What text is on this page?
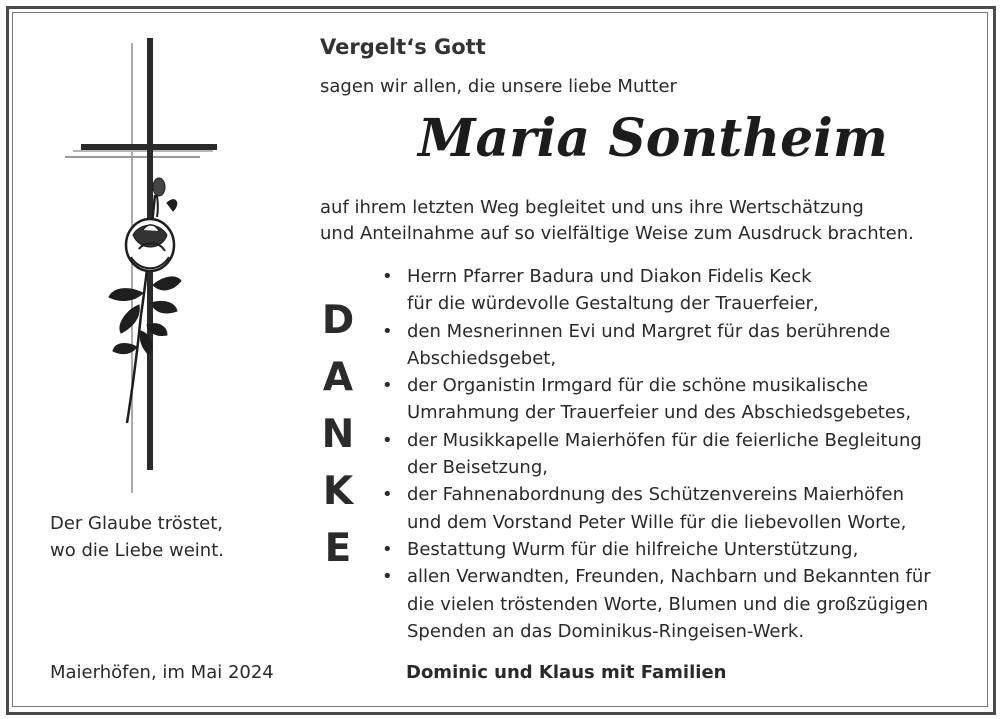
Vergelt‘s Gott
sagen wir allen, die unsere liebe Mutter
Maria Sontheim
auf ihrem letzten Weg begleitet und uns ihre Wertschätzung
und Anteilnahme auf so vielfältige Weise zum Ausdruck brachten.
D
A
N
K
E
• Herrn Pfarrer Badura und Diakon Fidelis Keck
für die würdevolle Gestaltung der Trauerfeier,
• den Mesnerinnen Evi und Margret für das berührende
Abschiedsgebet,
• der Organistin Irmgard für die schöne musikalische
Umrahmung der Trauerfeier und des Abschiedsgebetes,
• der Musikkapelle Maierhöfen für die feierliche Begleitung
der Beisetzung,
• der Fahnenabordnung des Schützenvereins Maierhöfen
und dem Vorstand Peter Wille für die liebevollen Worte,
• Bestattung Wurm für die hilfreiche Unterstützung,
• allen Verwandten, Freunden, Nachbarn und Bekannten für
die vielen tröstenden Worte, Blumen und die großzügigen
Spenden an das Dominikus-Ringeisen-Werk.
Der Glaube tröstet,
wo die Liebe weint.
Maierhöfen, im Mai 2024	Dominic und Klaus mit Familien
